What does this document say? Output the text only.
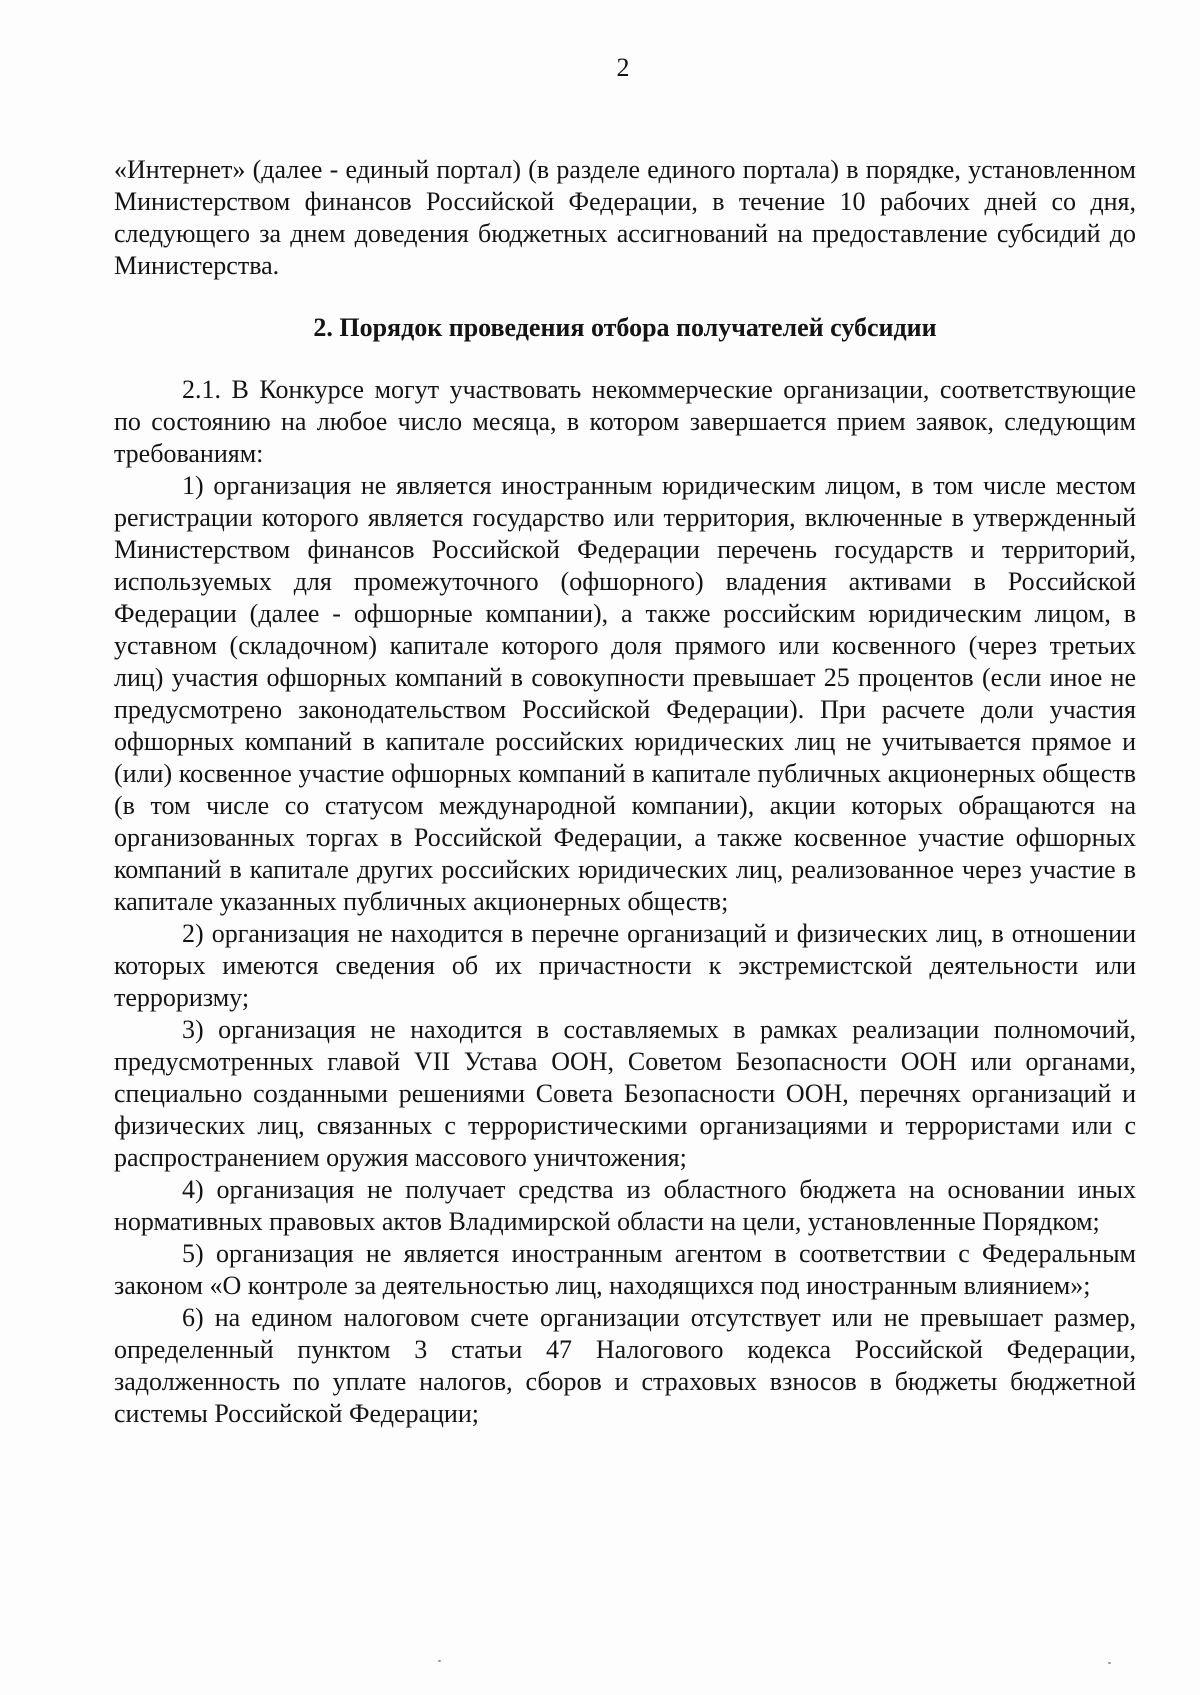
2

«Интернет» (далее - единый портал) (в разделе единого портала) в порядке, установленном Министерством финансов Российской Федерации, в течение 10 рабочих дней со дня, следующего за днем доведения бюджетных ассигнований на предоставление субсидий до Министерства.

2. Порядок проведения отбора получателей субсидии

2.1. В Конкурсе могут участвовать некоммерческие организации, соответствующие по состоянию на любое число месяца, в котором завершается прием заявок, следующим требованиям:

1) организация не является иностранным юридическим лицом, в том числе местом регистрации которого является государство или территория, включенные в утвержденный Министерством финансов Российской Федерации перечень государств и территорий, используемых для промежуточного (офшорного) владения активами в Российской Федерации (далее - офшорные компании), а также российским юридическим лицом, в уставном (складочном) капитале которого доля прямого или косвенного (через третьих лиц) участия офшорных компаний в совокупности превышает 25 процентов (если иное не предусмотрено законодательством Российской Федерации). При расчете доли участия офшорных компаний в капитале российских юридических лиц не учитывается прямое и (или) косвенное участие офшорных компаний в капитале публичных акционерных обществ (в том числе со статусом международной компании), акции которых обращаются на организованных торгах в Российской Федерации, а также косвенное участие офшорных компаний в капитале других российских юридических лиц, реализованное через участие в капитале указанных публичных акционерных обществ;

2) организация не находится в перечне организаций и физических лиц, в отношении которых имеются сведения об их причастности к экстремистской деятельности или терроризму;

3) организация не находится в составляемых в рамках реализации полномочий, предусмотренных главой VII Устава ООН, Советом Безопасности ООН или органами, специально созданными решениями Совета Безопасности ООН, перечнях организаций и физических лиц, связанных с террористическими организациями и террористами или с распространением оружия массового уничтожения;

4) организация не получает средства из областного бюджета на основании иных нормативных правовых актов Владимирской области на цели, установленные Порядком;

5) организация не является иностранным агентом в соответствии с Федеральным законом «О контроле за деятельностью лиц, находящихся под иностранным влиянием»;

6) на едином налоговом счете организации отсутствует или не превышает размер, определенный пунктом 3 статьи 47 Налогового кодекса Российской Федерации, задолженность по уплате налогов, сборов и страховых взносов в бюджеты бюджетной системы Российской Федерации;
